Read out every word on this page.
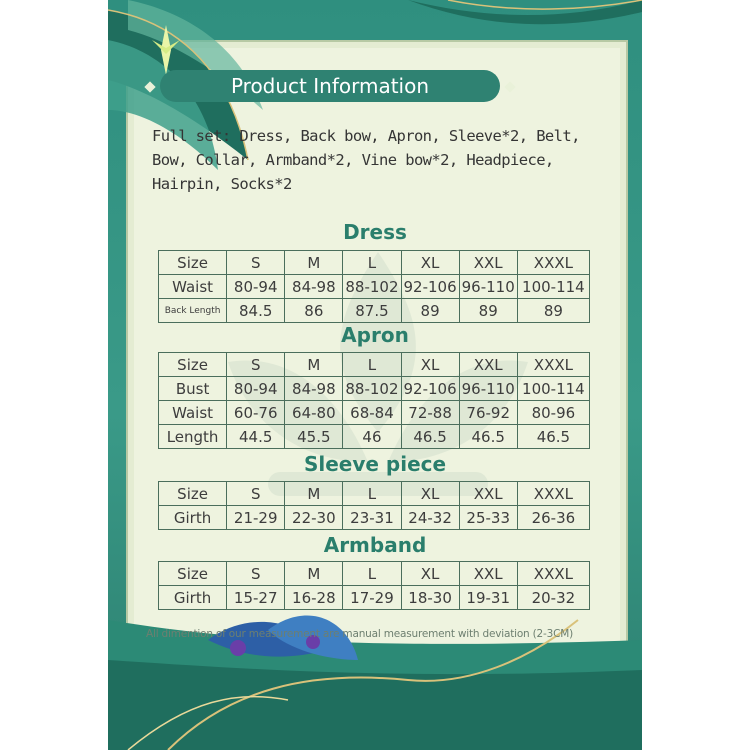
Product Information
Full set: Dress, Back bow, Apron, Sleeve*2, Belt, Bow, Collar, Armband*2, Vine bow*2, Headpiece, Hairpin, Socks*2
Dress
Size	S	M	L	XL	XXL	XXXL
Waist	80-94	84-98	88-102	92-106	96-110	100-114
Back Length	84.5	86	87.5	89	89	89
Apron
Size	S	M	L	XL	XXL	XXXL
Bust	80-94	84-98	88-102	92-106	96-110	100-114
Waist	60-76	64-80	68-84	72-88	76-92	80-96
Length	44.5	45.5	46	46.5	46.5	46.5
Sleeve piece
Size	S	M	L	XL	XXL	XXXL
Girth	21-29	22-30	23-31	24-32	25-33	26-36
Armband
Size	S	M	L	XL	XXL	XXXL
Girth	15-27	16-28	17-29	18-30	19-31	20-32
All dimention of our measurement are manual measurement with deviation (2-3CM)
